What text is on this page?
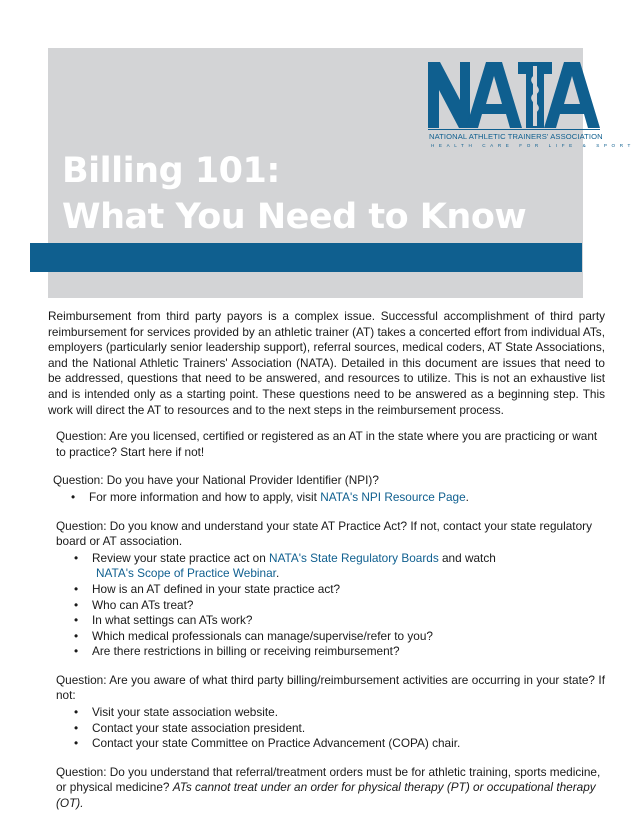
NATIONAL ATHLETIC TRAINERS' ASSOCIATION
HEALTH CARE FOR LIFE & SPORT
Billing 101:
What You Need to Know

Reimbursement from third party payors is a complex issue. Successful accomplishment of third party reimbursement for services provided by an athletic trainer (AT) takes a concerted effort from individual ATs, employers (particularly senior leadership support), referral sources, medical coders, AT State Associations, and the National Athletic Trainers' Association (NATA). Detailed in this document are issues that need to be addressed, questions that need to be answered, and resources to utilize. This is not an exhaustive list and is intended only as a starting point. These questions need to be answered as a beginning step. This work will direct the AT to resources and to the next steps in the reimbursement process.

Question: Are you licensed, certified or registered as an AT in the state where you are practicing or want to practice? Start here if not!

Question: Do you have your National Provider Identifier (NPI)?

• For more information and how to apply, visit NATA's NPI Resource Page.

Question: Do you know and understand your state AT Practice Act? If not, contact your state regulatory board or AT association.

• Review your state practice act on NATA's State Regulatory Boards and watch
NATA's Scope of Practice Webinar.
• How is an AT defined in your state practice act?
• Who can ATs treat?
• In what settings can ATs work?
• Which medical professionals can manage/supervise/refer to you?
• Are there restrictions in billing or receiving reimbursement?

Question: Are you aware of what third party billing/reimbursement activities are occurring in your state? If not:

• Visit your state association website.
• Contact your state association president.
• Contact your state Committee on Practice Advancement (COPA) chair.

Question: Do you understand that referral/treatment orders must be for athletic training, sports medicine, or physical medicine? ATs cannot treat under an order for physical therapy (PT) or occupational therapy (OT).
